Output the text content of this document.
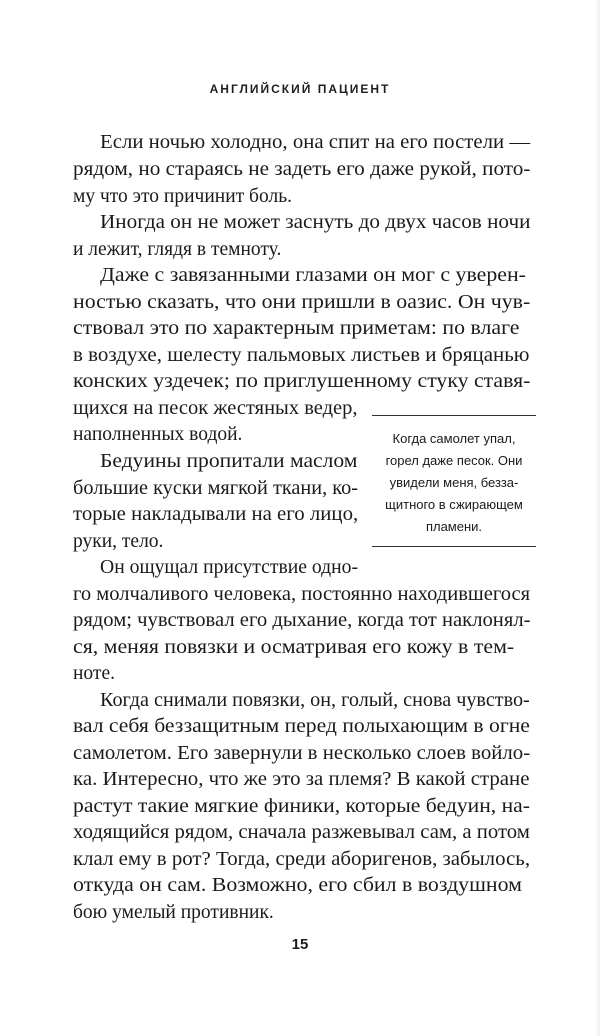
АНГЛИЙСКИЙ ПАЦИЕНТ
Если ночью холодно, она спит на его постели —
рядом, но стараясь не задеть его даже рукой, пото-
му что это причинит боль.
Иногда он не может заснуть до двух часов ночи
и лежит, глядя в темноту.
Даже с завязанными глазами он мог с уверен-
ностью сказать, что они пришли в оазис. Он чув-
ствовал это по характерным приметам: по влаге
в воздухе, шелесту пальмовых листьев и бряцанью
конских уздечек; по приглушенному стуку ставя-
щихся на песок жестяных ведер,
наполненных водой.
Бедуины пропитали маслом
большие куски мягкой ткани, ко-
торые накладывали на его лицо,
руки, тело.
Он ощущал присутствие одно-
го молчаливого человека, постоянно находившегося
рядом; чувствовал его дыхание, когда тот наклонял-
ся, меняя повязки и осматривая его кожу в тем-
ноте.
Когда снимали повязки, он, голый, снова чувство-
вал себя беззащитным перед полыхающим в огне
самолетом. Его завернули в несколько слоев войло-
ка. Интересно, что же это за племя? В какой стране
растут такие мягкие финики, которые бедуин, на-
ходящийся рядом, сначала разжевывал сам, а потом
клал ему в рот? Тогда, среди аборигенов, забылось,
откуда он сам. Возможно, его сбил в воздушном
бою умелый противник.
Когда самолет упал,
горел даже песок. Они
увидели меня, безза-
щитного в сжирающем
пламени.
15
